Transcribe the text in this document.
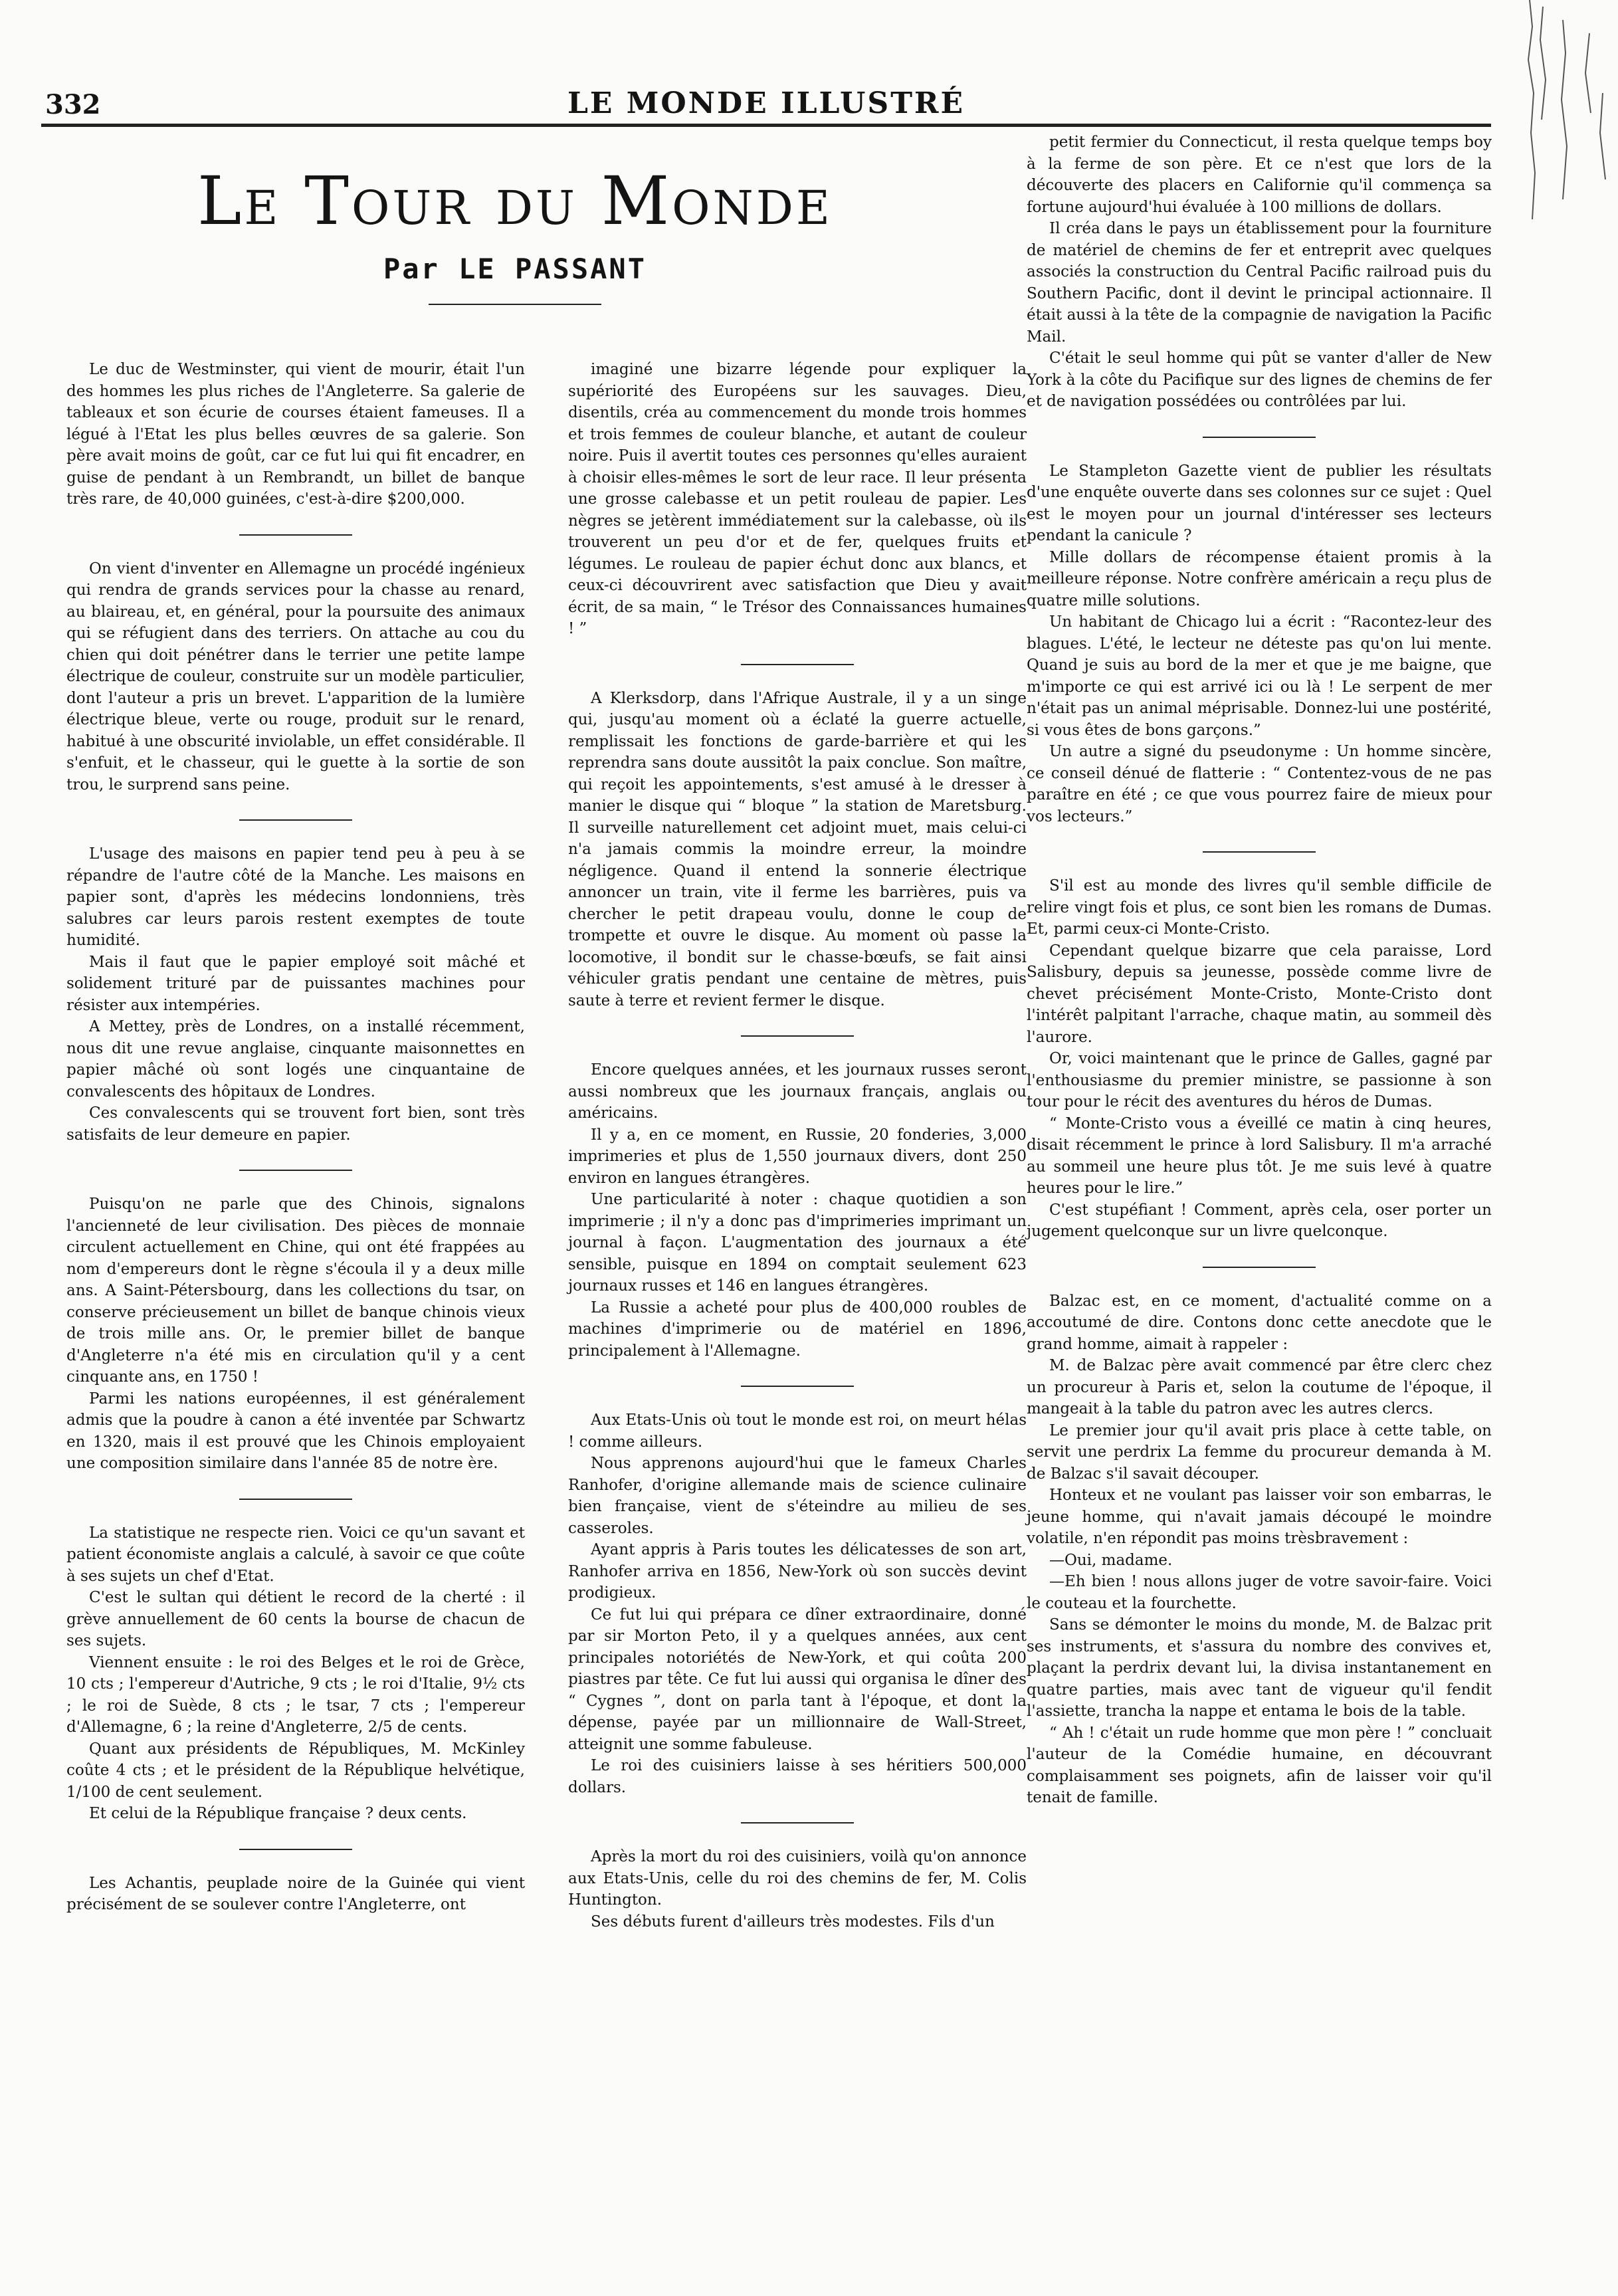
332	LE MONDE ILLUSTRÉ
Le Tour du Monde
Par LE PASSANT

Le duc de Westminster, qui vient de mourir, était l'un des hommes les plus riches de l'Angleterre. Sa galerie de tableaux et son écurie de courses étaient fameuses. Il a légué à l'Etat les plus belles œuvres de sa galerie. Son père avait moins de goût, car ce fut lui qui fit encadrer, en guise de pendant à un Rembrandt, un billet de banque très rare, de 40,000 guinées, c'est-à-dire $200,000.

On vient d'inventer en Allemagne un procédé ingénieux qui rendra de grands services pour la chasse au renard, au blaireau, et, en général, pour la poursuite des animaux qui se réfugient dans des terriers. On attache au cou du chien qui doit pénétrer dans le terrier une petite lampe électrique de couleur, construite sur un modèle particulier, dont l'auteur a pris un brevet. L'apparition de la lumière électrique bleue, verte ou rouge, produit sur le renard, habitué à une obscurité inviolable, un effet considérable. Il s'enfuit, et le chasseur, qui le guette à la sortie de son trou, le surprend sans peine.

L'usage des maisons en papier tend peu à peu à se répandre de l'autre côté de la Manche. Les maisons en papier sont, d'après les médecins londonniens, très salubres car leurs parois restent exemptes de toute humidité.

Mais il faut que le papier employé soit mâché et solidement trituré par de puissantes machines pour résister aux intempéries.

A Mettey, près de Londres, on a installé récemment, nous dit une revue anglaise, cinquante maisonnettes en papier mâché où sont logés une cinquantaine de convalescents des hôpitaux de Londres.

Ces convalescents qui se trouvent fort bien, sont très satisfaits de leur demeure en papier.

Puisqu'on ne parle que des Chinois, signalons l'ancienneté de leur civilisation. Des pièces de monnaie circulent actuellement en Chine, qui ont été frappées au nom d'empereurs dont le règne s'écoula il y a deux mille ans. A Saint-Pétersbourg, dans les collections du tsar, on conserve précieusement un billet de banque chinois vieux de trois mille ans. Or, le premier billet de banque d'Angleterre n'a été mis en circulation qu'il y a cent cinquante ans, en 1750 !

Parmi les nations européennes, il est généralement admis que la poudre à canon a été inventée par Schwartz en 1320, mais il est prouvé que les Chinois employaient une composition similaire dans l'année 85 de notre ère.

La statistique ne respecte rien. Voici ce qu'un savant et patient économiste anglais a calculé, à savoir ce que coûte à ses sujets un chef d'Etat.

C'est le sultan qui détient le record de la cherté : il grève annuellement de 60 cents la bourse de chacun de ses sujets.

Viennent ensuite : le roi des Belges et le roi de Grèce, 10 cts ; l'empereur d'Autriche, 9 cts ; le roi d'Italie, 9½ cts ; le roi de Suède, 8 cts ; le tsar, 7 cts ; l'empereur d'Allemagne, 6 ; la reine d'Angleterre, 2/5 de cents.

Quant aux présidents de Républiques, M. McKinley coûte 4 cts ; et le président de la République helvétique, 1/100 de cent seulement.

Et celui de la République française ? deux cents.

Les Achantis, peuplade noire de la Guinée qui vient précisément de se soulever contre l'Angleterre, ont

imaginé une bizarre légende pour expliquer la supériorité des Européens sur les sauvages. Dieu, disentils, créa au commencement du monde trois hommes et trois femmes de couleur blanche, et autant de couleur noire. Puis il avertit toutes ces personnes qu'elles auraient à choisir elles-mêmes le sort de leur race. Il leur présenta une grosse calebasse et un petit rouleau de papier. Les nègres se jetèrent immédiatement sur la calebasse, où ils trouverent un peu d'or et de fer, quelques fruits et légumes. Le rouleau de papier échut donc aux blancs, et ceux-ci découvrirent avec satisfaction que Dieu y avait écrit, de sa main, “ le Trésor des Connaissances humaines ! ”

A Klerksdorp, dans l'Afrique Australe, il y a un singe qui, jusqu'au moment où a éclaté la guerre actuelle, remplissait les fonctions de garde-barrière et qui les reprendra sans doute aussitôt la paix conclue. Son maître, qui reçoit les appointements, s'est amusé à le dresser à manier le disque qui “ bloque ” la station de Maretsburg. Il surveille naturellement cet adjoint muet, mais celui-ci n'a jamais commis la moindre erreur, la moindre négligence. Quand il entend la sonnerie électrique annoncer un train, vite il ferme les barrières, puis va chercher le petit drapeau voulu, donne le coup de trompette et ouvre le disque. Au moment où passe la locomotive, il bondit sur le chasse-bœufs, se fait ainsi véhiculer gratis pendant une centaine de mètres, puis saute à terre et revient fermer le disque.

Encore quelques années, et les journaux russes seront aussi nombreux que les journaux français, anglais ou américains.

Il y a, en ce moment, en Russie, 20 fonderies, 3,000 imprimeries et plus de 1,550 journaux divers, dont 250 environ en langues étrangères.

Une particularité à noter : chaque quotidien a son imprimerie ; il n'y a donc pas d'imprimeries imprimant un journal à façon. L'augmentation des journaux a été sensible, puisque en 1894 on comptait seulement 623 journaux russes et 146 en langues étrangères.

La Russie a acheté pour plus de 400,000 roubles de machines d'imprimerie ou de matériel en 1896, principalement à l'Allemagne.

Aux Etats-Unis où tout le monde est roi, on meurt hélas ! comme ailleurs.

Nous apprenons aujourd'hui que le fameux Charles Ranhofer, d'origine allemande mais de science culinaire bien française, vient de s'éteindre au milieu de ses casseroles.

Ayant appris à Paris toutes les délicatesses de son art, Ranhofer arriva en 1856, New-York où son succès devint prodigieux.

Ce fut lui qui prépara ce dîner extraordinaire, donné par sir Morton Peto, il y a quelques années, aux cent principales notoriétés de New-York, et qui coûta 200 piastres par tête. Ce fut lui aussi qui organisa le dîner des “ Cygnes ”, dont on parla tant à l'époque, et dont la dépense, payée par un millionnaire de Wall-Street, atteignit une somme fabuleuse.

Le roi des cuisiniers laisse à ses héritiers 500,000 dollars.

Après la mort du roi des cuisiniers, voilà qu'on annonce aux Etats-Unis, celle du roi des chemins de fer, M. Colis Huntington.

Ses débuts furent d'ailleurs très modestes. Fils d'un

petit fermier du Connecticut, il resta quelque temps boy à la ferme de son père. Et ce n'est que lors de la découverte des placers en Californie qu'il commença sa fortune aujourd'hui évaluée à 100 millions de dollars.

Il créa dans le pays un établissement pour la fourniture de matériel de chemins de fer et entreprit avec quelques associés la construction du Central Pacific railroad puis du Southern Pacific, dont il devint le principal actionnaire. Il était aussi à la tête de la compagnie de navigation la Pacific Mail.

C'était le seul homme qui pût se vanter d'aller de New York à la côte du Pacifique sur des lignes de chemins de fer et de navigation possédées ou contrôlées par lui.

Le Stampleton Gazette vient de publier les résultats d'une enquête ouverte dans ses colonnes sur ce sujet : Quel est le moyen pour un journal d'intéresser ses lecteurs pendant la canicule ?

Mille dollars de récompense étaient promis à la meilleure réponse. Notre confrère américain a reçu plus de quatre mille solutions.

Un habitant de Chicago lui a écrit : “Racontez-leur des blagues. L'été, le lecteur ne déteste pas qu'on lui mente. Quand je suis au bord de la mer et que je me baigne, que m'importe ce qui est arrivé ici ou là ! Le serpent de mer n'était pas un animal méprisable. Donnez-lui une postérité, si vous êtes de bons garçons.”

Un autre a signé du pseudonyme : Un homme sincère, ce conseil dénué de flatterie : “ Contentez-vous de ne pas paraître en été ; ce que vous pourrez faire de mieux pour vos lecteurs.”

S'il est au monde des livres qu'il semble difficile de relire vingt fois et plus, ce sont bien les romans de Dumas. Et, parmi ceux-ci Monte-Cristo.

Cependant quelque bizarre que cela paraisse, Lord Salisbury, depuis sa jeunesse, possède comme livre de chevet précisément Monte-Cristo, Monte-Cristo dont l'intérêt palpitant l'arrache, chaque matin, au sommeil dès l'aurore.

Or, voici maintenant que le prince de Galles, gagné par l'enthousiasme du premier ministre, se passionne à son tour pour le récit des aventures du héros de Dumas.

“ Monte-Cristo vous a éveillé ce matin à cinq heures, disait récemment le prince à lord Salisbury. Il m'a arraché au sommeil une heure plus tôt. Je me suis levé à quatre heures pour le lire.”

C'est stupéfiant ! Comment, après cela, oser porter un jugement quelconque sur un livre quelconque.

Balzac est, en ce moment, d'actualité comme on a accoutumé de dire. Contons donc cette anecdote que le grand homme, aimait à rappeler :

M. de Balzac père avait commencé par être clerc chez un procureur à Paris et, selon la coutume de l'époque, il mangeait à la table du patron avec les autres clercs.

Le premier jour qu'il avait pris place à cette table, on servit une perdrix La femme du procureur demanda à M. de Balzac s'il savait découper.

Honteux et ne voulant pas laisser voir son embarras, le jeune homme, qui n'avait jamais découpé le moindre volatile, n'en répondit pas moins trèsbravement :

—Oui, madame.

—Eh bien ! nous allons juger de votre savoir-faire. Voici le couteau et la fourchette.

Sans se démonter le moins du monde, M. de Balzac prit ses instruments, et s'assura du nombre des convives et, plaçant la perdrix devant lui, la divisa instantanement en quatre parties, mais avec tant de vigueur qu'il fendit l'assiette, trancha la nappe et entama le bois de la table.

“ Ah ! c'était un rude homme que mon père ! ” concluait l'auteur de la Comédie humaine, en découvrant complaisamment ses poignets, afin de laisser voir qu'il tenait de famille.
